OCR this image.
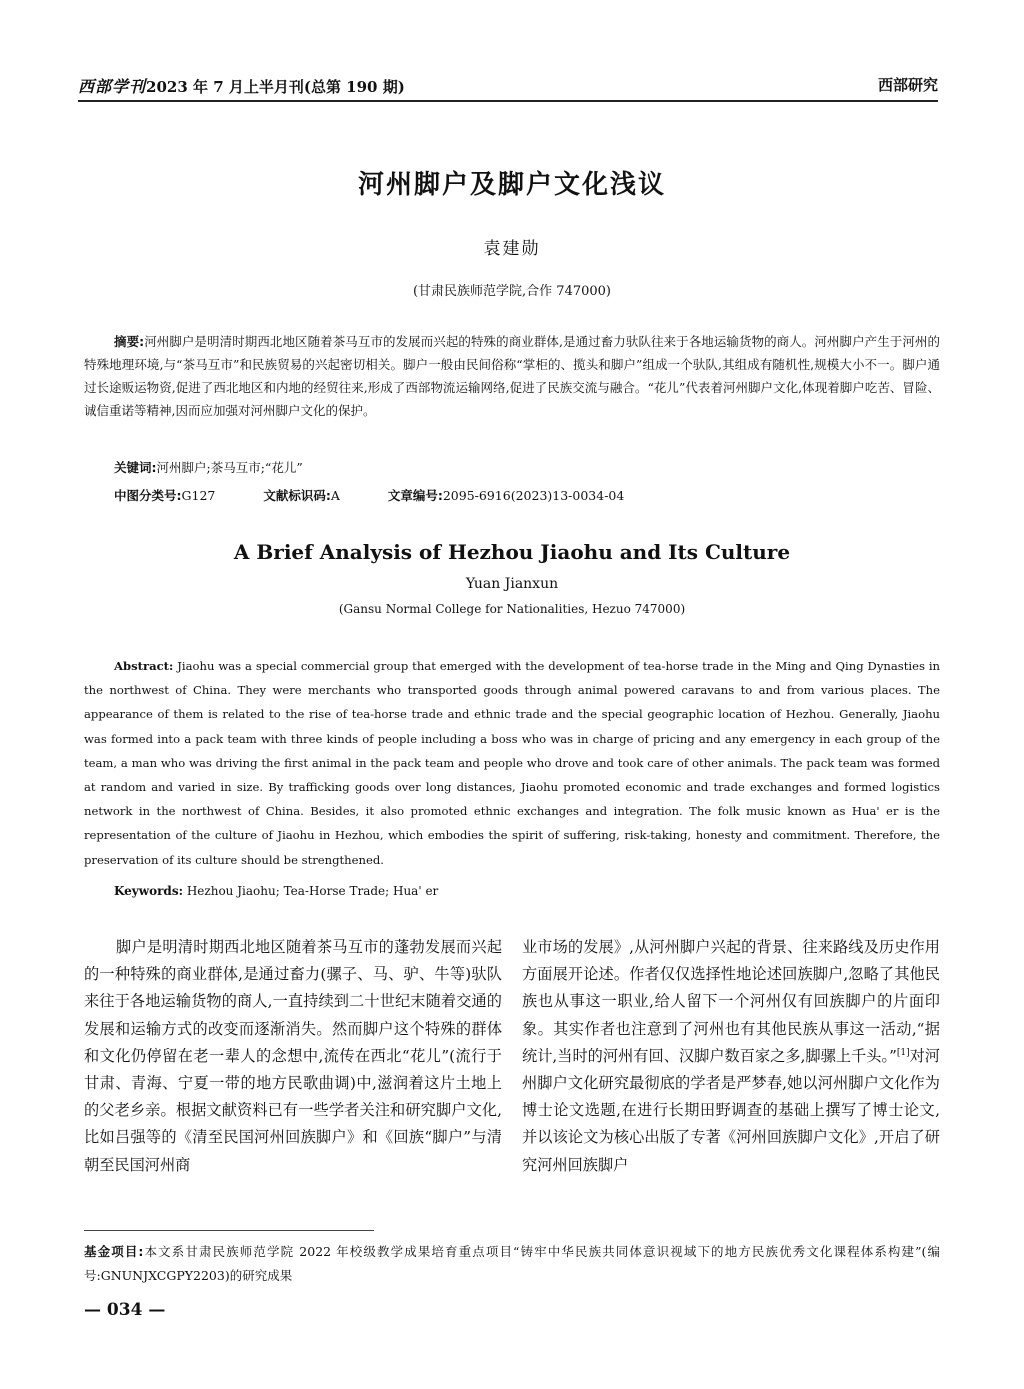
西部学刊2023 年 7 月上半月刊(总第 190 期)	西部研究
河州脚户及脚户文化浅议
袁建勋
(甘肃民族师范学院,合作 747000)
摘要:河州脚户是明清时期西北地区随着茶马互市的发展而兴起的特殊的商业群体,是通过畜力驮队往来于各地运输货物的商人。河州脚户产生于河州的特殊地理环境,与“茶马互市”和民族贸易的兴起密切相关。脚户一般由民间俗称“掌柜的、揽头和脚户”组成一个驮队,其组成有随机性,规模大小不一。脚户通过长途贩运物资,促进了西北地区和内地的经贸往来,形成了西部物流运输网络,促进了民族交流与融合。“花儿”代表着河州脚户文化,体现着脚户吃苦、冒险、诚信重诺等精神,因而应加强对河州脚户文化的保护。
关键词:河州脚户;茶马互市;“花儿”
中图分类号:G127	文献标识码:A	文章编号:2095-6916(2023)13-0034-04
A Brief Analysis of Hezhou Jiaohu and Its Culture
Yuan Jianxun
(Gansu Normal College for Nationalities, Hezuo 747000)
Abstract: Jiaohu was a special commercial group that emerged with the development of tea-horse trade in the Ming and Qing Dynasties in the northwest of China. They were merchants who transported goods through animal powered caravans to and from various places. The appearance of them is related to the rise of tea-horse trade and ethnic trade and the special geographic location of Hezhou. Generally, Jiaohu was formed into a pack team with three kinds of people including a boss who was in charge of pricing and any emergency in each group of the team, a man who was driving the first animal in the pack team and people who drove and took care of other animals. The pack team was formed at random and varied in size. By trafficking goods over long distances, Jiaohu promoted economic and trade exchanges and formed logistics network in the northwest of China. Besides, it also promoted ethnic exchanges and integration. The folk music known as Hua' er is the representation of the culture of Jiaohu in Hezhou, which embodies the spirit of suffering, risk-taking, honesty and commitment. Therefore, the preservation of its culture should be strengthened.
Keywords: Hezhou Jiaohu; Tea-Horse Trade; Hua' er
脚户是明清时期西北地区随着茶马互市的蓬勃发展而兴起的一种特殊的商业群体,是通过畜力(骡子、马、驴、牛等)驮队来往于各地运输货物的商人,一直持续到二十世纪末随着交通的发展和运输方式的改变而逐渐消失。然而脚户这个特殊的群体和文化仍停留在老一辈人的念想中,流传在西北“花儿”(流行于甘肃、青海、宁夏一带的地方民歌曲调)中,滋润着这片土地上的父老乡亲。根据文献资料已有一些学者关注和研究脚户文化,比如吕强等的《清至民国河州回族脚户》和《回族“脚户”与清朝至民国河州商
业市场的发展》,从河州脚户兴起的背景、往来路线及历史作用方面展开论述。作者仅仅选择性地论述回族脚户,忽略了其他民族也从事这一职业,给人留下一个河州仅有回族脚户的片面印象。其实作者也注意到了河州也有其他民族从事这一活动,“据统计,当时的河州有回、汉脚户数百家之多,脚骡上千头。”[1]对河州脚户文化研究最彻底的学者是严梦春,她以河州脚户文化作为博士论文选题,在进行长期田野调查的基础上撰写了博士论文,并以该论文为核心出版了专著《河州回族脚户文化》,开启了研究河州回族脚户
基金项目:本文系甘肃民族师范学院 2022 年校级教学成果培育重点项目“铸牢中华民族共同体意识视域下的地方民族优秀文化课程体系构建”(编号:GNUNJXCGPY2203)的研究成果
— 034 —
